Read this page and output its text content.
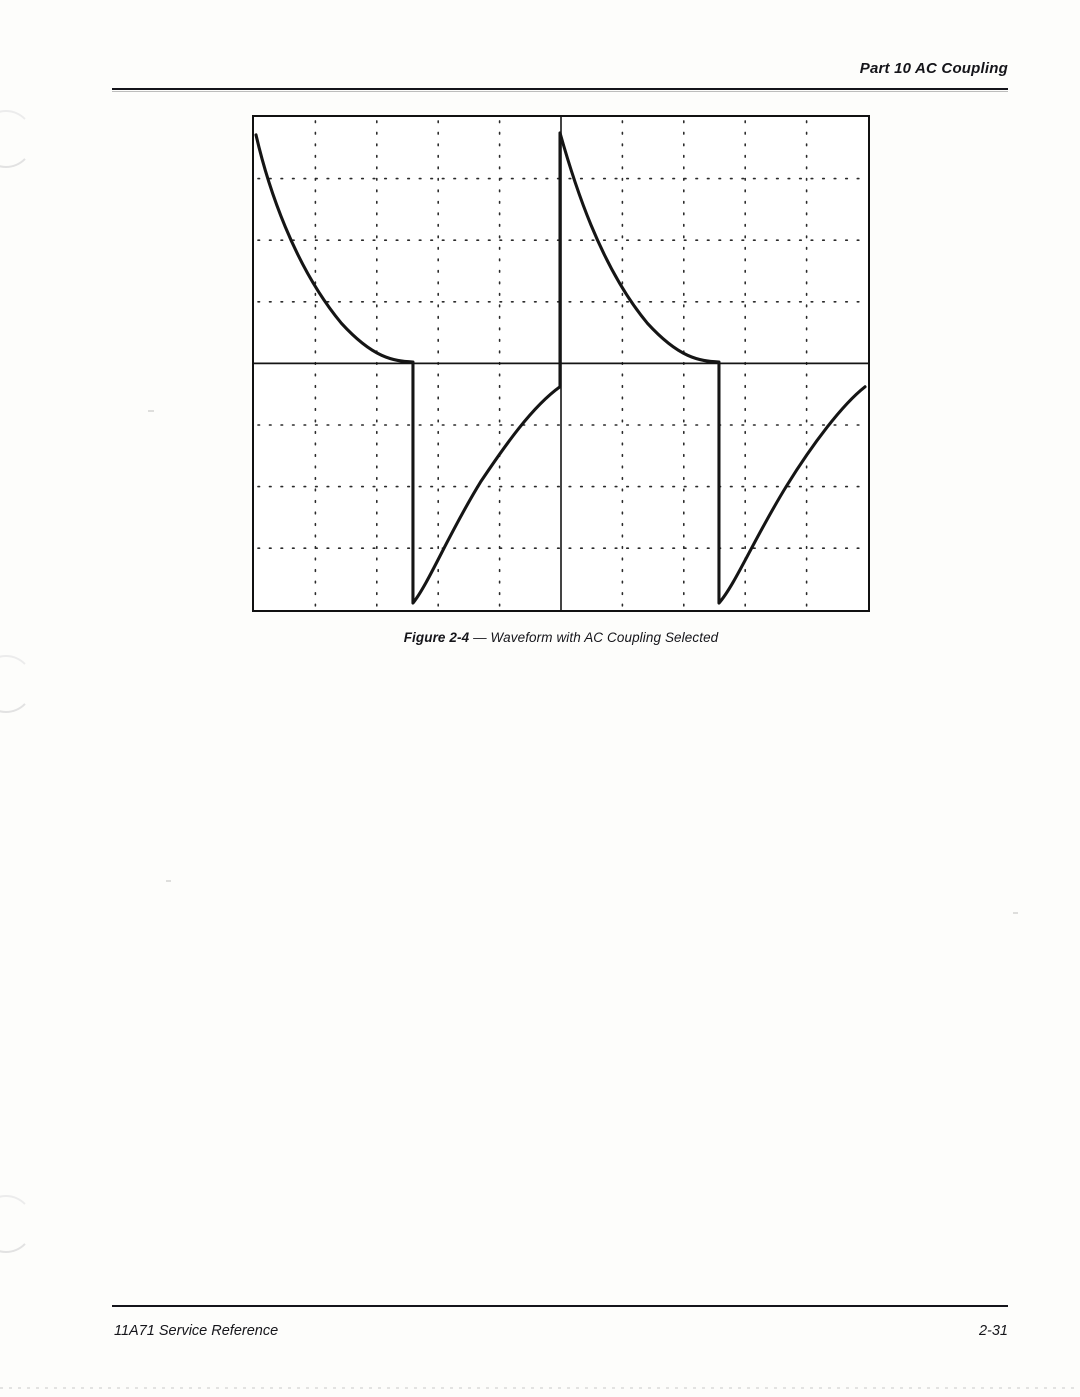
Part 10 AC Coupling
Figure 2-4 — Waveform with AC Coupling Selected
11A71 Service Reference	2-31
